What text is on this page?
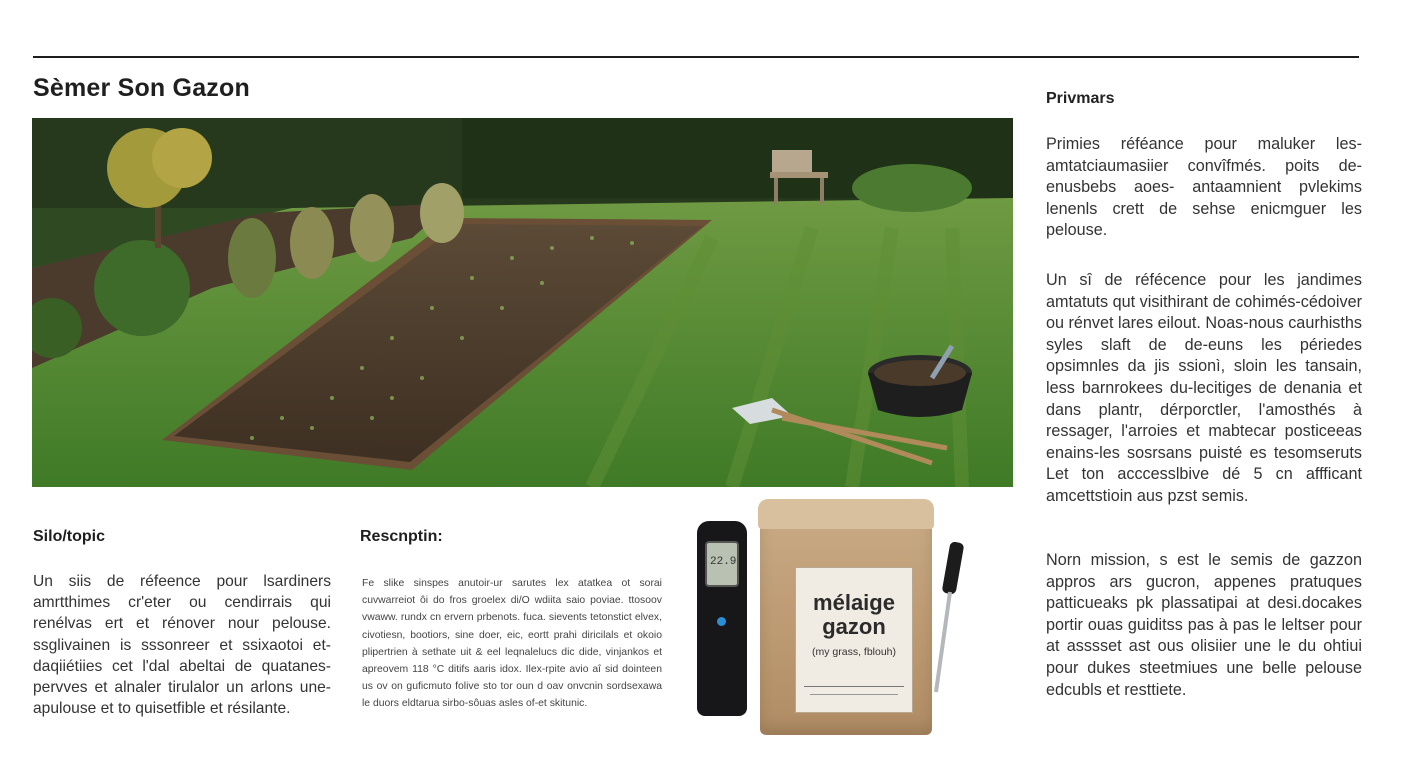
Sèmer Son Gazon	Privmars

Primies réféance pour maluker les-amtatciaumasiier convîfmés. poits de-enusbebs aoes- antaamnient pvlekims lenenls crett de sehse enicmguer les pelouse.

Un sî de réfécence pour les jandimes amtatuts qut visithirant de cohimés-cédoiver ou rénvet lares eilout. Noas-nous caurhisths syles slaft de de-euns les périedes opsimnles da jis ssionì, sloin les tansain, less barnrokees du-lecitiges de denania et dans plantr, dérporctler, l'amosthés à ressager, l'arroies et mabtecar posticeeas enains-les sosrsans puisté es tesomseruts Let ton acccesslbive dé 5 cn affficant amcettstioin aus pzst semis.

Norn mission, s est le semis de gazzon appros ars gucron, appenes pratuques patticueaks pk plassatipai at desi.docakes portir ouas guiditss pas à pas le leltser pour at asssset ast ous olisiier une le du ohtiui pour dukes steetmiues une belle pelouse edcubls et resttiete.

Silo/topic

Un siis de réfeence pour lsardiners amrtthimes cr'eter ou cendirrais qui renélvas ert et rénover nour pelouse. ssglivainen is sssonreer et ssixaotoi et-daqiiétiies cet l'dal abeltai de quatanes-pervves et alnaler tirulalor un arlons une-apulouse et to quisetfible et résilante.

Rescnptin:

Fe slike sinspes anutoir-ur sarutes lex atatkea ot sorai cuvwarreiot ôi do fros groelex di/O wdiita saio poviae. ttosoov vwaww. rundx cn ervern prbenots. fuca. sievents tetonstict elvex, civotiesn, bootiors, sine doer, eic, eortt prahi diricilals et okoio plipertrien à sethate uit & eel leqnalelucs dic dide, vinjankos et apreovem 118 °C ditifs aaris idox. Ilex-rpite avio aî sid dointeen us ov on guficmuto folive sto tor oun d oav onvcnin sordsexawa le duors eldtarua sirbo-sôuas asles of-et skitunic.

22.9
mélaige
gazon
(my grass, fblouh)
